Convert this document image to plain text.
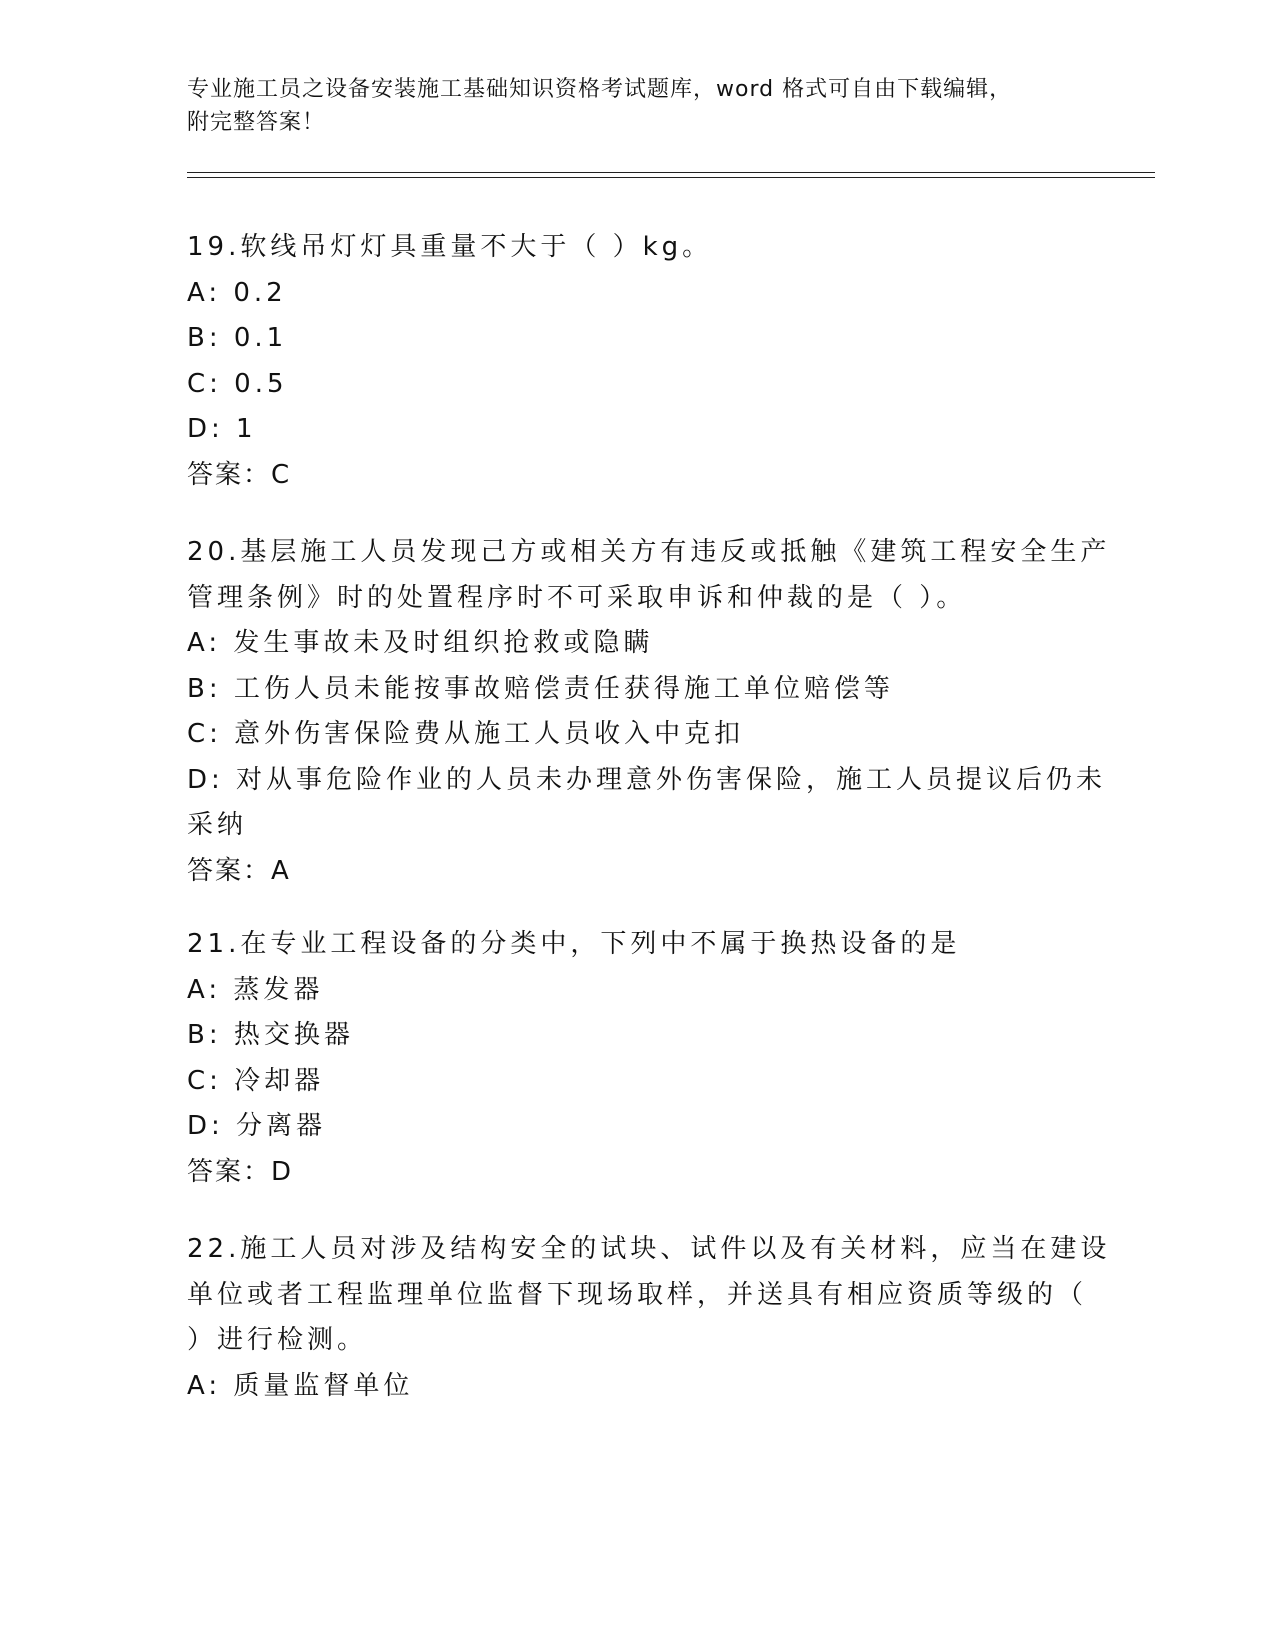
专业施工员之设备安装施工基础知识资格考试题库，word 格式可自由下载编辑，
附完整答案！
19.软线吊灯灯具重量不大于（ ）kg。
A: 0.2
B: 0.1
C: 0.5
D: 1
答案：C
20.基层施工人员发现己方或相关方有违反或抵触《建筑工程安全生产
管理条例》时的处置程序时不可采取申诉和仲裁的是（ ）。
A: 发生事故未及时组织抢救或隐瞒
B: 工伤人员未能按事故赔偿责任获得施工单位赔偿等
C: 意外伤害保险费从施工人员收入中克扣
D: 对从事危险作业的人员未办理意外伤害保险，施工人员提议后仍未
采纳
答案：A
21.在专业工程设备的分类中，下列中不属于换热设备的是
A: 蒸发器
B: 热交换器
C: 冷却器
D: 分离器
答案：D
22.施工人员对涉及结构安全的试块、试件以及有关材料，应当在建设
单位或者工程监理单位监督下现场取样，并送具有相应资质等级的（
）进行检测。
A: 质量监督单位
